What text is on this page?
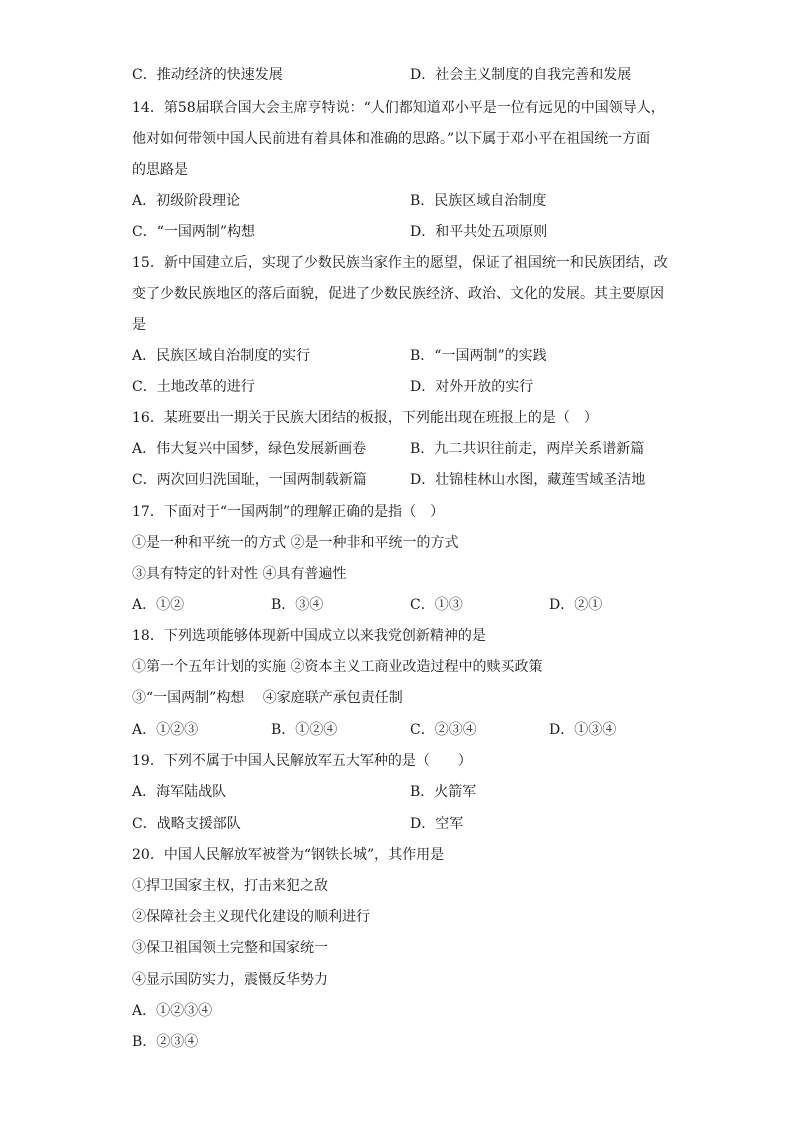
C．推动经济的快速发展	D．社会主义制度的自我完善和发展
14．第58届联合国大会主席亨特说：“人们都知道邓小平是一位有远见的中国领导人，
他对如何带领中国人民前进有着具体和准确的思路。”以下属于邓小平在祖国统一方面
的思路是
A．初级阶段理论	B．民族区域自治制度
C．“一国两制”构想	D．和平共处五项原则
15．新中国建立后，实现了少数民族当家作主的愿望，保证了祖国统一和民族团结，改
变了少数民族地区的落后面貌，促进了少数民族经济、政治、文化的发展。其主要原因
是
A．民族区域自治制度的实行	B．“一国两制”的实践
C．土地改革的进行	D．对外开放的实行
16．某班要出一期关于民族大团结的板报，下列能出现在班报上的是（　）
A．伟大复兴中国梦，绿色发展新画卷	B．九二共识往前走，两岸关系谱新篇
C．两次回归洗国耻，一国两制载新篇	D．壮锦桂林山水图，藏莲雪域圣洁地
17．下面对于“一国两制”的理解正确的是指（　）
①是一种和平统一的方式 ②是一种非和平统一的方式
③具有特定的针对性 ④具有普遍性
A．①②	B．③④	C．①③	D．②①
18．下列选项能够体现新中国成立以来我党创新精神的是
①第一个五年计划的实施 ②资本主义工商业改造过程中的赎买政策
③“一国两制”构想　 ④家庭联产承包责任制
A．①②③	B．①②④	C．②③④	D．①③④
19．下列不属于中国人民解放军五大军种的是（　　）
A．海军陆战队	B．火箭军
C．战略支援部队	D．空军
20．中国人民解放军被誉为“钢铁长城”，其作用是
①捍卫国家主权，打击来犯之敌
②保障社会主义现代化建设的顺利进行
③保卫祖国领土完整和国家统一
④显示国防实力，震慑反华势力
A．①②③④
B．②③④
